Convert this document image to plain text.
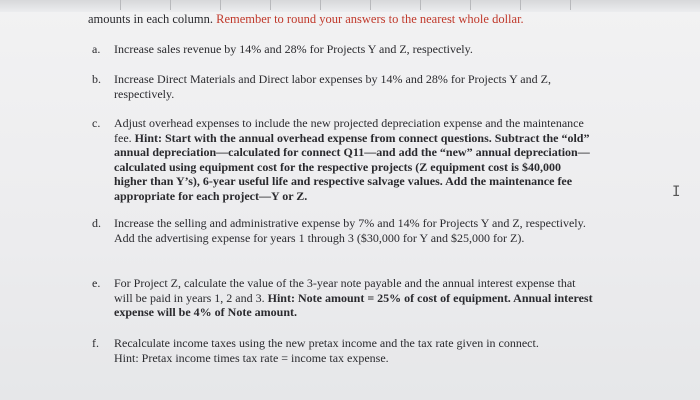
amounts in each column. Remember to round your answers to the nearest whole dollar.
a.	Increase sales revenue by 14% and 28% for Projects Y and Z, respectively.

b.	Increase Direct Materials and Direct labor expenses by 14% and 28% for Projects Y and Z, respectively.

c.	Adjust overhead expenses to include the new projected depreciation expense and the maintenance fee. Hint: Start with the annual overhead expense from connect questions. Subtract the “old” annual depreciation—calculated for connect Q11—and add the “new” annual depreciation—calculated using equipment cost for the respective projects (Z equipment cost is $40,000 higher than Y’s), 6-year useful life and respective salvage values. Add the maintenance fee appropriate for each project—Y or Z.

d.	Increase the selling and administrative expense by 7% and 14% for Projects Y and Z, respectively. Add the advertising expense for years 1 through 3 ($30,000 for Y and $25,000 for Z).

e.	For Project Z, calculate the value of the 3-year note payable and the annual interest expense that will be paid in years 1, 2 and 3. Hint: Note amount = 25% of cost of equipment. Annual interest expense will be 4% of Note amount.

f.	Recalculate income taxes using the new pretax income and the tax rate given in connect.

Hint: Pretax income times tax rate = income tax expense.

I
